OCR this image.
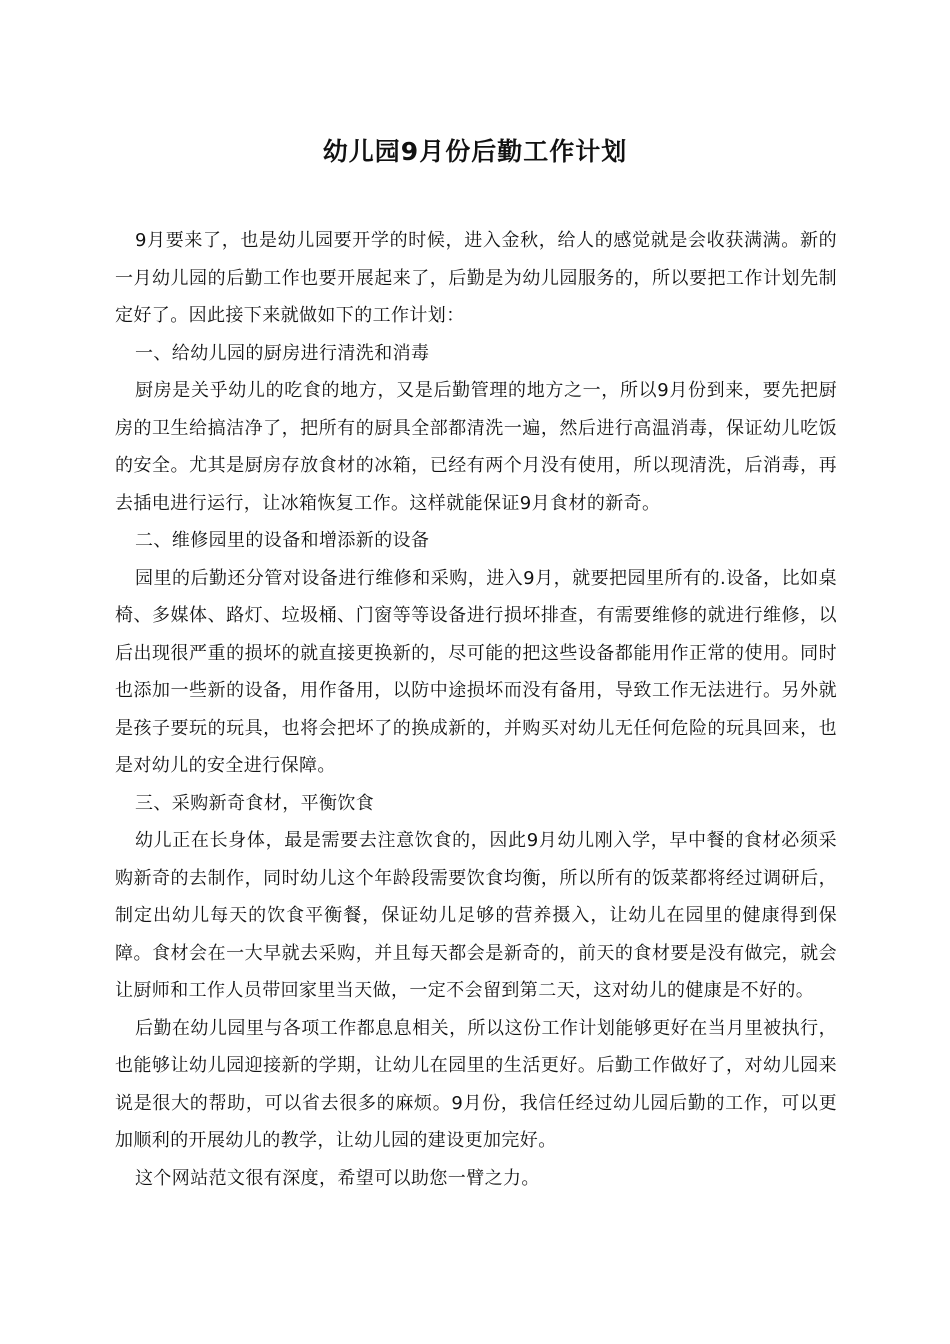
幼儿园9月份后勤工作计划

9月要来了，也是幼儿园要开学的时候，进入金秋，给人的感觉就是会收获满满。新的一月幼儿园的后勤工作也要开展起来了，后勤是为幼儿园服务的，所以要把工作计划先制定好了。因此接下来就做如下的工作计划：

一、给幼儿园的厨房进行清洗和消毒

厨房是关乎幼儿的吃食的地方，又是后勤管理的地方之一，所以9月份到来，要先把厨房的卫生给搞洁净了，把所有的厨具全部都清洗一遍，然后进行高温消毒，保证幼儿吃饭的安全。尤其是厨房存放食材的冰箱，已经有两个月没有使用，所以现清洗，后消毒，再去插电进行运行，让冰箱恢复工作。这样就能保证9月食材的新奇。

二、维修园里的设备和增添新的设备

园里的后勤还分管对设备进行维修和采购，进入9月，就要把园里所有的.设备，比如桌椅、多媒体、路灯、垃圾桶、门窗等等设备进行损坏排查，有需要维修的就进行维修，以后出现很严重的损坏的就直接更换新的，尽可能的把这些设备都能用作正常的使用。同时也添加一些新的设备，用作备用，以防中途损坏而没有备用，导致工作无法进行。另外就是孩子要玩的玩具，也将会把坏了的换成新的，并购买对幼儿无任何危险的玩具回来，也是对幼儿的安全进行保障。

三、采购新奇食材，平衡饮食

幼儿正在长身体，最是需要去注意饮食的，因此9月幼儿刚入学，早中餐的食材必须采购新奇的去制作，同时幼儿这个年龄段需要饮食均衡，所以所有的饭菜都将经过调研后，制定出幼儿每天的饮食平衡餐，保证幼儿足够的营养摄入，让幼儿在园里的健康得到保障。食材会在一大早就去采购，并且每天都会是新奇的，前天的食材要是没有做完，就会让厨师和工作人员带回家里当天做，一定不会留到第二天，这对幼儿的健康是不好的。

后勤在幼儿园里与各项工作都息息相关，所以这份工作计划能够更好在当月里被执行，也能够让幼儿园迎接新的学期，让幼儿在园里的生活更好。后勤工作做好了，对幼儿园来说是很大的帮助，可以省去很多的麻烦。9月份，我信任经过幼儿园后勤的工作，可以更加顺利的开展幼儿的教学，让幼儿园的建设更加完好。

这个网站范文很有深度，希望可以助您一臂之力。
